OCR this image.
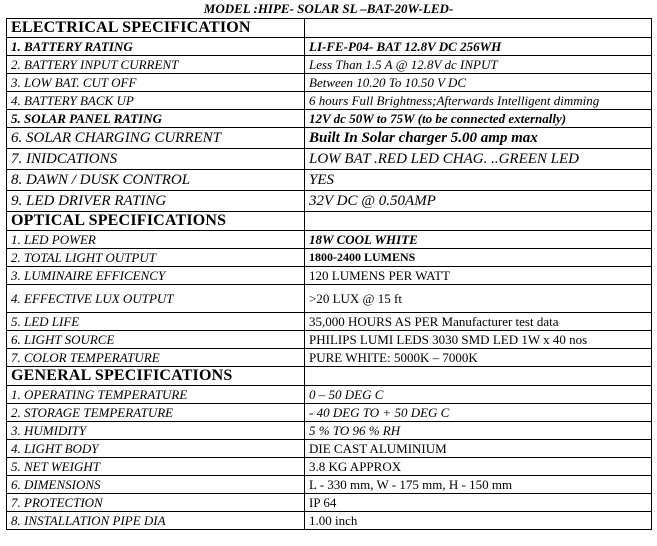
MODEL :HIPE- SOLAR SL –BAT-20W-LED-
ELECTRICAL SPECIFICATION	
1. BATTERY RATING	LI-FE-P04- BAT 12.8V DC 256WH
2. BATTERY INPUT CURRENT	Less Than 1.5 A @ 12.8V dc INPUT
3. LOW BAT. CUT OFF	Between 10.20 To 10.50 V DC
4. BATTERY BACK UP	6 hours Full Brightness;Afterwards Intelligent dimming
5. SOLAR PANEL RATING	12V dc 50W to 75W (to be connected externally)
6. SOLAR CHARGING CURRENT	Built In Solar charger 5.00 amp max
7. INIDCATIONS	LOW BAT .RED LED CHAG. ..GREEN LED
8. DAWN / DUSK CONTROL	YES
9. LED DRIVER RATING	32V DC @ 0.50AMP
OPTICAL SPECIFICATIONS	
1. LED POWER	18W COOL WHITE
2. TOTAL LIGHT OUTPUT	1800-2400 LUMENS
3. LUMINAIRE EFFICENCY	120 LUMENS PER WATT
4. EFFECTIVE LUX OUTPUT	>20 LUX @ 15 ft
5. LED LIFE	35,000 HOURS AS PER Manufacturer test data
6. LIGHT SOURCE	PHILIPS LUMI LEDS 3030 SMD LED 1W x 40 nos
7. COLOR TEMPERATURE	PURE WHITE: 5000K – 7000K
GENERAL SPECIFICATIONS	
1. OPERATING TEMPERATURE	0 – 50 DEG C
2. STORAGE TEMPERATURE	- 40 DEG TO + 50 DEG C
3. HUMIDITY	5 % TO 96 % RH
4. LIGHT BODY	DIE CAST ALUMINIUM
5. NET WEIGHT	3.8 KG APPROX
6. DIMENSIONS	L - 330 mm, W - 175 mm, H - 150 mm
7. PROTECTION	IP 64
8. INSTALLATION PIPE DIA	1.00 inch
